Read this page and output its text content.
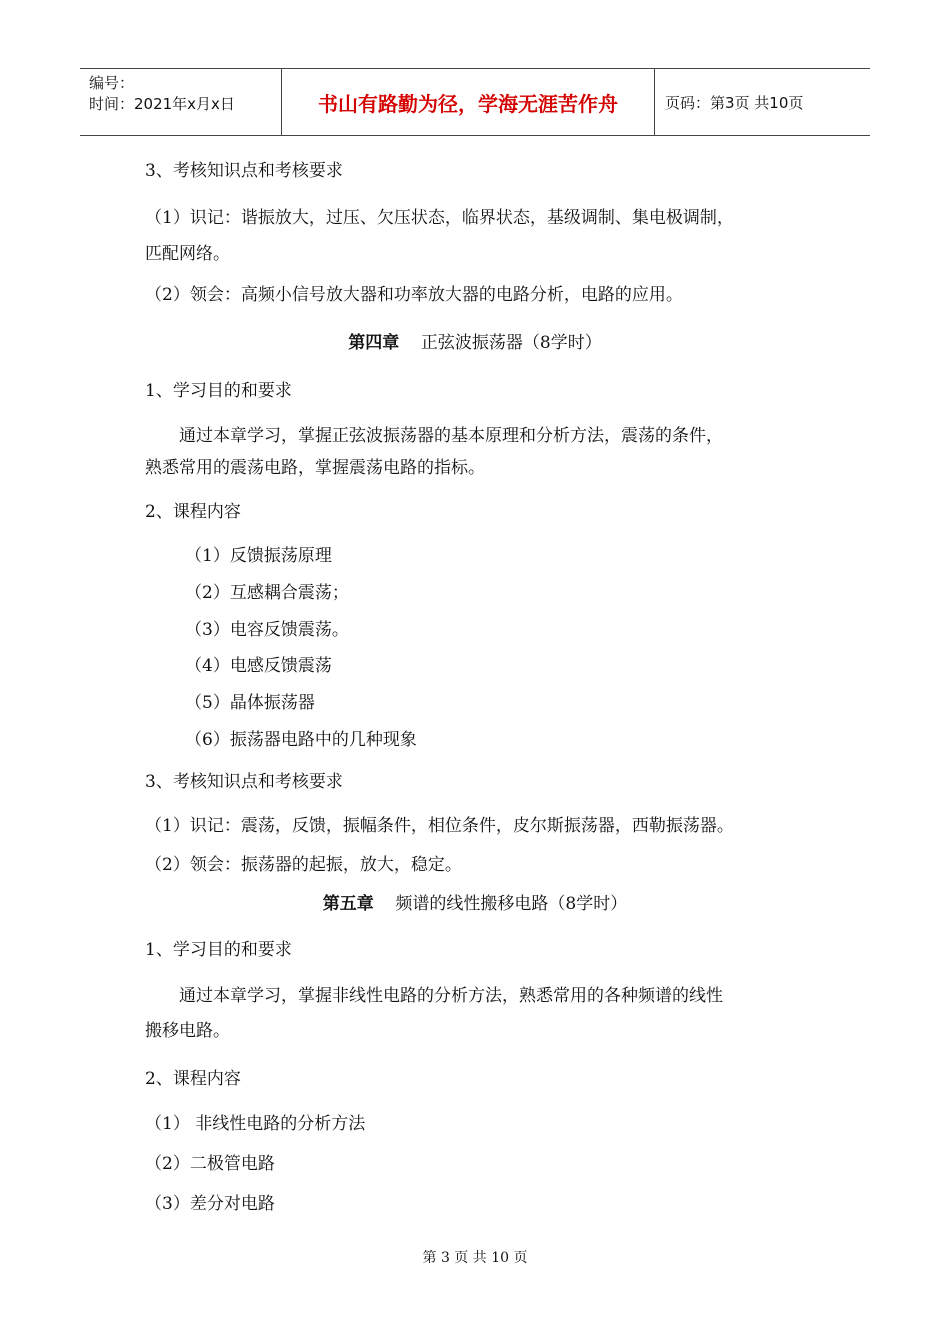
编号：
时间：2021年x月x日	书山有路勤为径，学海无涯苦作舟	页码：第3页 共10页
3、考核知识点和考核要求
（1）识记：谐振放大，过压、欠压状态，临界状态，基级调制、集电极调制，
匹配网络。
（2）领会：高频小信号放大器和功率放大器的电路分析，电路的应用。
第四章 正弦波振荡器（8学时）
1、学习目的和要求
通过本章学习，掌握正弦波振荡器的基本原理和分析方法，震荡的条件，
熟悉常用的震荡电路，掌握震荡电路的指标。
2、课程内容
（1）反馈振荡原理
（2）互感耦合震荡；
（3）电容反馈震荡。
（4）电感反馈震荡
（5）晶体振荡器
（6）振荡器电路中的几种现象
3、考核知识点和考核要求
（1）识记：震荡，反馈，振幅条件，相位条件，皮尔斯振荡器，西勒振荡器。
（2）领会：振荡器的起振，放大，稳定。
第五章 频谱的线性搬移电路（8学时）
1、学习目的和要求
通过本章学习，掌握非线性电路的分析方法，熟悉常用的各种频谱的线性
搬移电路。
2、课程内容
（1） 非线性电路的分析方法
（2）二极管电路
（3）差分对电路
第 3 页 共 10 页
